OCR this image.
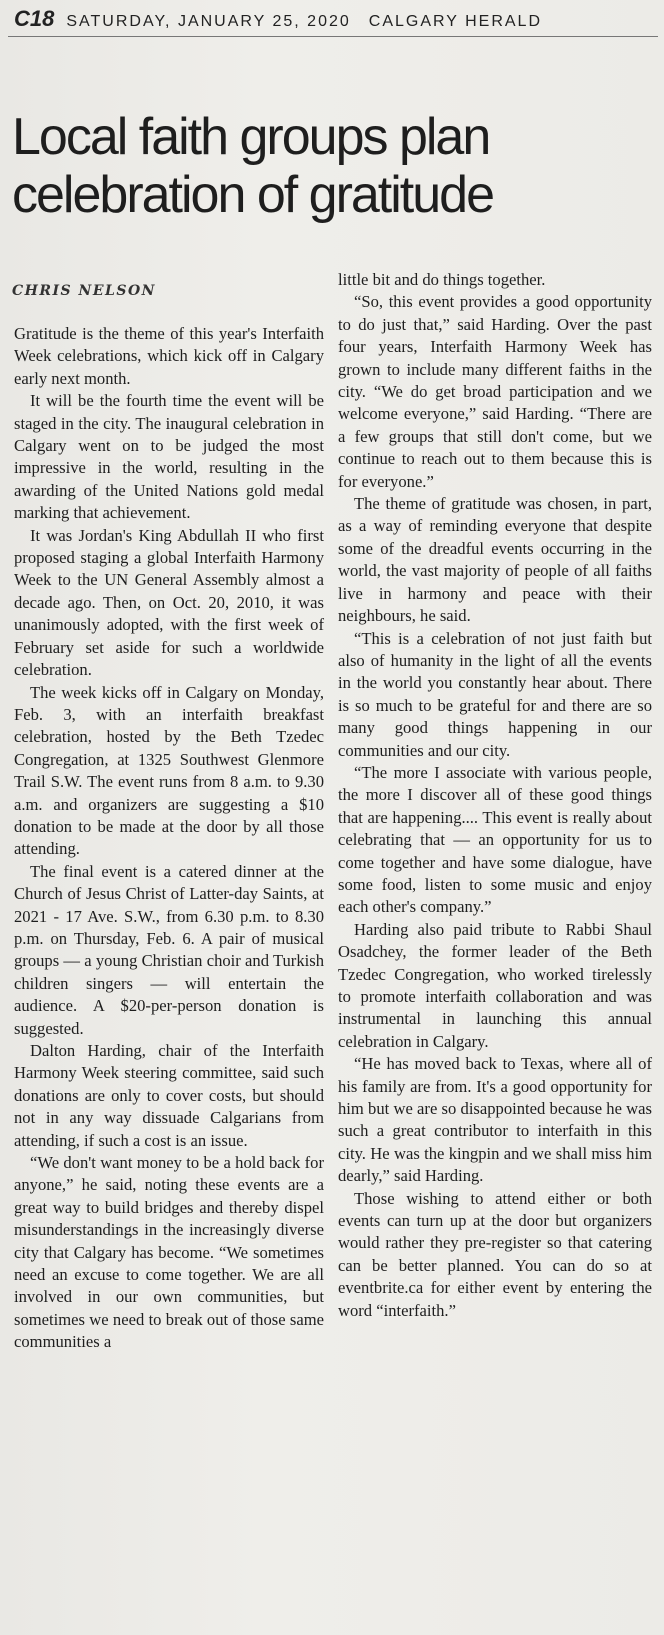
C18 SATURDAY, JANUARY 25, 2020 CALGARY HERALD
Local faith groups plan celebration of gratitude
CHRIS NELSON

Gratitude is the theme of this year's Interfaith Week celebrations, which kick off in Calgary early next month.

It will be the fourth time the event will be staged in the city. The inaugural celebration in Calgary went on to be judged the most impressive in the world, resulting in the awarding of the United Nations gold medal marking that achievement.

It was Jordan's King Abdullah II who first proposed staging a global Interfaith Harmony Week to the UN General Assembly almost a decade ago. Then, on Oct. 20, 2010, it was unanimously adopted, with the first week of February set aside for such a worldwide celebration.

The week kicks off in Calgary on Monday, Feb. 3, with an interfaith breakfast celebration, hosted by the Beth Tzedec Congregation, at 1325 Southwest Glenmore Trail S.W. The event runs from 8 a.m. to 9.30 a.m. and organizers are suggesting a $10 donation to be made at the door by all those attending.

The final event is a catered dinner at the Church of Jesus Christ of Latter-day Saints, at 2021 - 17 Ave. S.W., from 6.30 p.m. to 8.30 p.m. on Thursday, Feb. 6. A pair of musical groups — a young Christian choir and Turkish children singers — will entertain the audience. A $20-per-person donation is suggested.

Dalton Harding, chair of the Interfaith Harmony Week steering committee, said such donations are only to cover costs, but should not in any way dissuade Calgarians from attending, if such a cost is an issue.

“We don't want money to be a hold back for anyone,” he said, noting these events are a great way to build bridges and thereby dispel misunderstandings in the increasingly diverse city that Calgary has become. “We sometimes need an excuse to come together. We are all involved in our own communities, but sometimes we need to break out of those same communities a

little bit and do things together.

“So, this event provides a good opportunity to do just that,” said Harding. Over the past four years, Interfaith Harmony Week has grown to include many different faiths in the city. “We do get broad participation and we welcome everyone,” said Harding. “There are a few groups that still don't come, but we continue to reach out to them because this is for everyone.”

The theme of gratitude was chosen, in part, as a way of reminding everyone that despite some of the dreadful events occurring in the world, the vast majority of people of all faiths live in harmony and peace with their neighbours, he said.

“This is a celebration of not just faith but also of humanity in the light of all the events in the world you constantly hear about. There is so much to be grateful for and there are so many good things happening in our communities and our city.

“The more I associate with various people, the more I discover all of these good things that are happening.... This event is really about celebrating that — an opportunity for us to come together and have some dialogue, have some food, listen to some music and enjoy each other's company.”

Harding also paid tribute to Rabbi Shaul Osadchey, the former leader of the Beth Tzedec Congregation, who worked tirelessly to promote interfaith collaboration and was instrumental in launching this annual celebration in Calgary.

“He has moved back to Texas, where all of his family are from. It's a good opportunity for him but we are so disappointed because he was such a great contributor to interfaith in this city. He was the kingpin and we shall miss him dearly,” said Harding.

Those wishing to attend either or both events can turn up at the door but organizers would rather they pre-register so that catering can be better planned. You can do so at eventbrite.ca for either event by entering the word “interfaith.”
